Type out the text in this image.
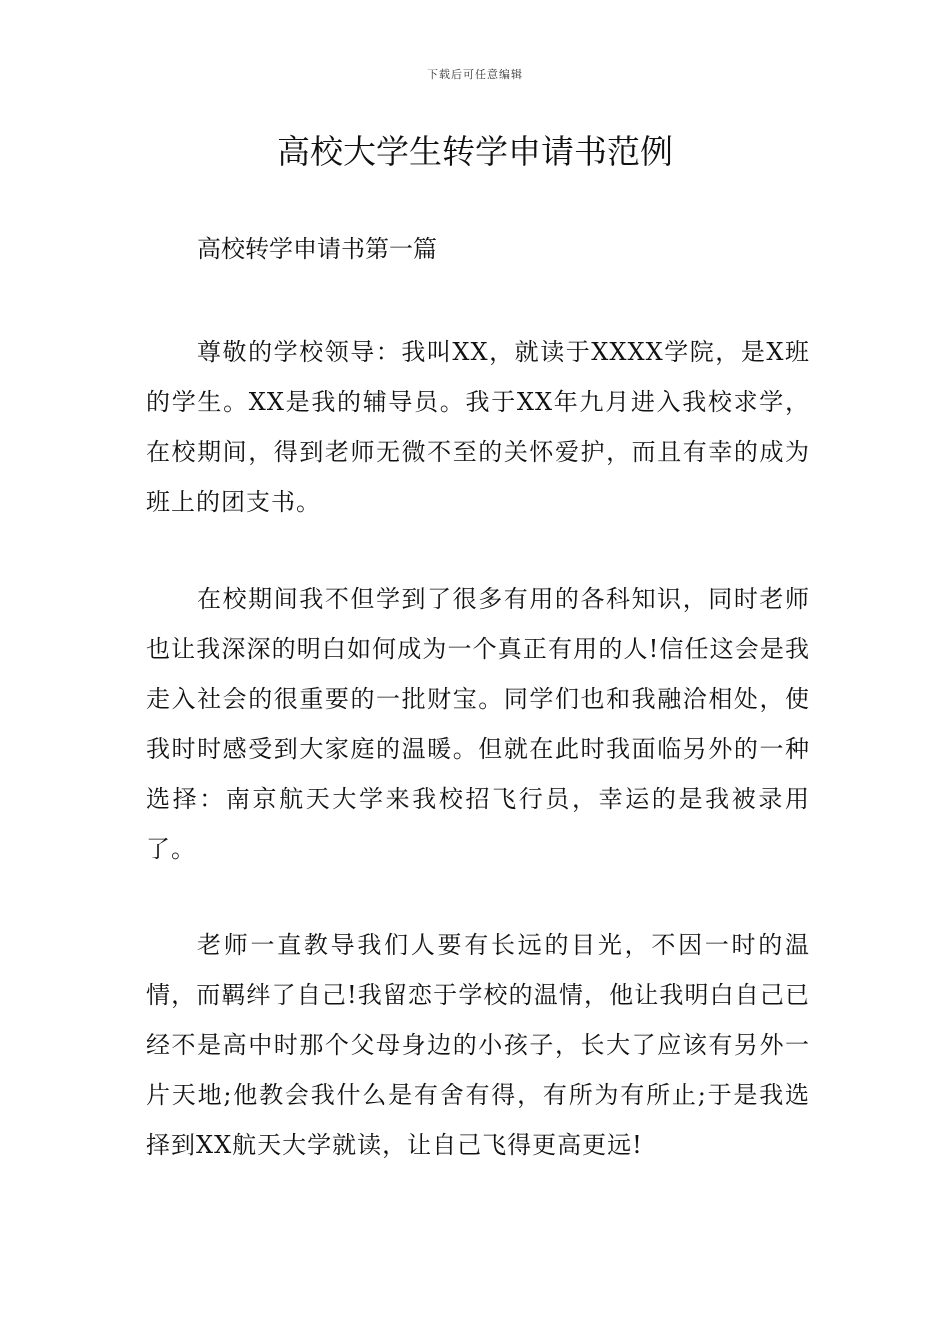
下载后可任意编辑
高校大学生转学申请书范例

高校转学申请书第一篇

尊敬的学校领导：我叫XX，就读于XXXX学院，是X班的学生。XX是我的辅导员。我于XX年九月进入我校求学，在校期间，得到老师无微不至的关怀爱护，而且有幸的成为班上的团支书。

在校期间我不但学到了很多有用的各科知识，同时老师也让我深深的明白如何成为一个真正有用的人!信任这会是我走入社会的很重要的一批财宝。同学们也和我融洽相处，使我时时感受到大家庭的温暖。但就在此时我面临另外的一种选择：南京航天大学来我校招飞行员，幸运的是我被录用了。

老师一直教导我们人要有长远的目光，不因一时的温情，而羁绊了自己!我留恋于学校的温情，他让我明白自己已经不是高中时那个父母身边的小孩子，长大了应该有另外一片天地;他教会我什么是有舍有得，有所为有所止;于是我选择到XX航天大学就读，让自己飞得更高更远!
